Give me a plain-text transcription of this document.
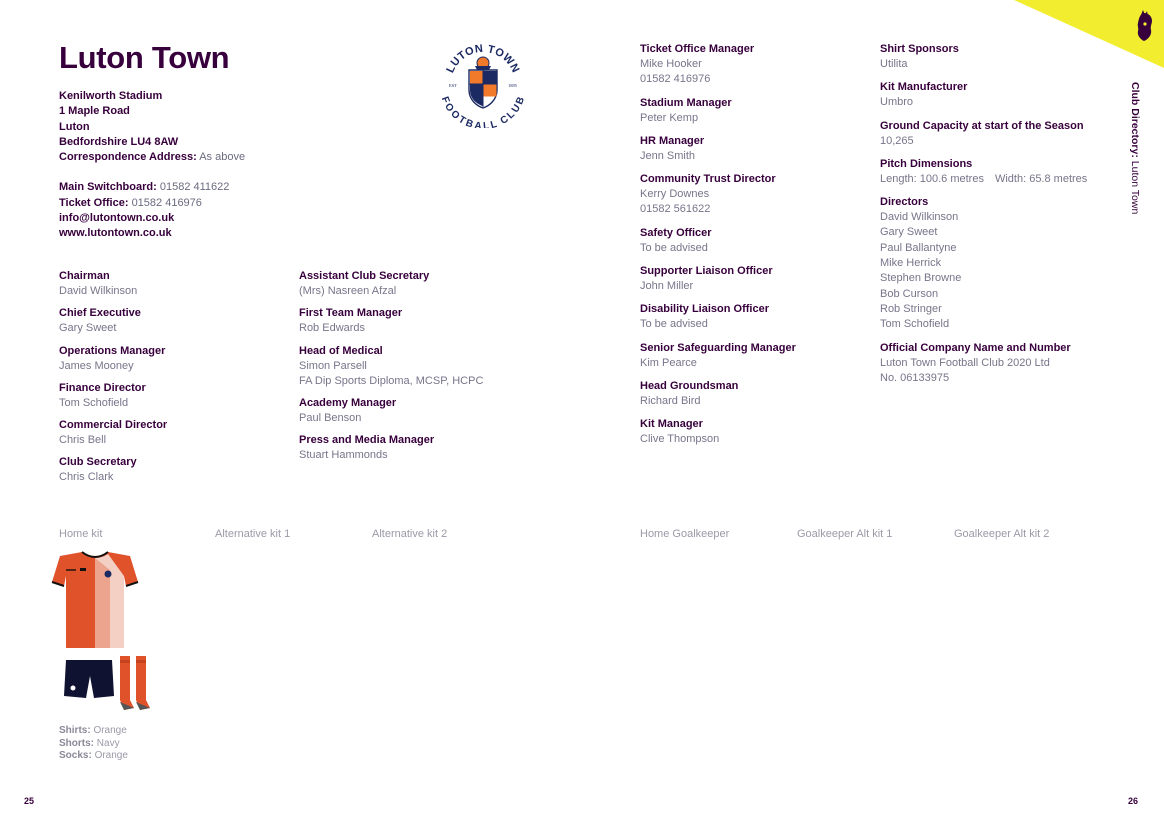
Luton Town	LUTON TOWN
FOOTBALL CLUB
EST	1885
Kenilworth Stadium
1 Maple Road
Luton
Bedfordshire LU4 8AW
Correspondence Address: As above
Main Switchboard: 01582 411622
Ticket Office: 01582 416976
info@lutontown.co.uk
www.lutontown.co.uk
Chairman
David Wilkinson
Chief Executive
Gary Sweet
Operations Manager
James Mooney
Finance Director
Tom Schofield
Commercial Director
Chris Bell
Club Secretary
Chris Clark
Assistant Club Secretary
(Mrs) Nasreen Afzal
First Team Manager
Rob Edwards
Head of Medical
Simon Parsell
FA Dip Sports Diploma, MCSP, HCPC
Academy Manager
Paul Benson
Press and Media Manager
Stuart Hammonds
Ticket Office Manager
Mike Hooker
01582 416976
Stadium Manager
Peter Kemp
HR Manager
Jenn Smith
Community Trust Director
Kerry Downes
01582 561622
Safety Officer
To be advised
Supporter Liaison Officer
John Miller
Disability Liaison Officer
To be advised
Senior Safeguarding Manager
Kim Pearce
Head Groundsman
Richard Bird
Kit Manager
Clive Thompson
Shirt Sponsors
Utilita
Kit Manufacturer
Umbro
Ground Capacity at start of the Season
10,265
Pitch Dimensions
Length: 100.6 metres Width: 65.8 metres
Directors
David Wilkinson
Gary Sweet
Paul Ballantyne
Mike Herrick
Stephen Browne
Bob Curson
Rob Stringer
Tom Schofield
Official Company Name and Number
Luton Town Football Club 2020 Ltd
No. 06133975
Club Directory: Luton Town
Home kit	Alternative kit 1	Alternative kit 2	Home Goalkeeper	Goalkeeper Alt kit 1	Goalkeeper Alt kit 2
Shirts: Orange
Shorts: Navy
Socks: Orange
25	26
